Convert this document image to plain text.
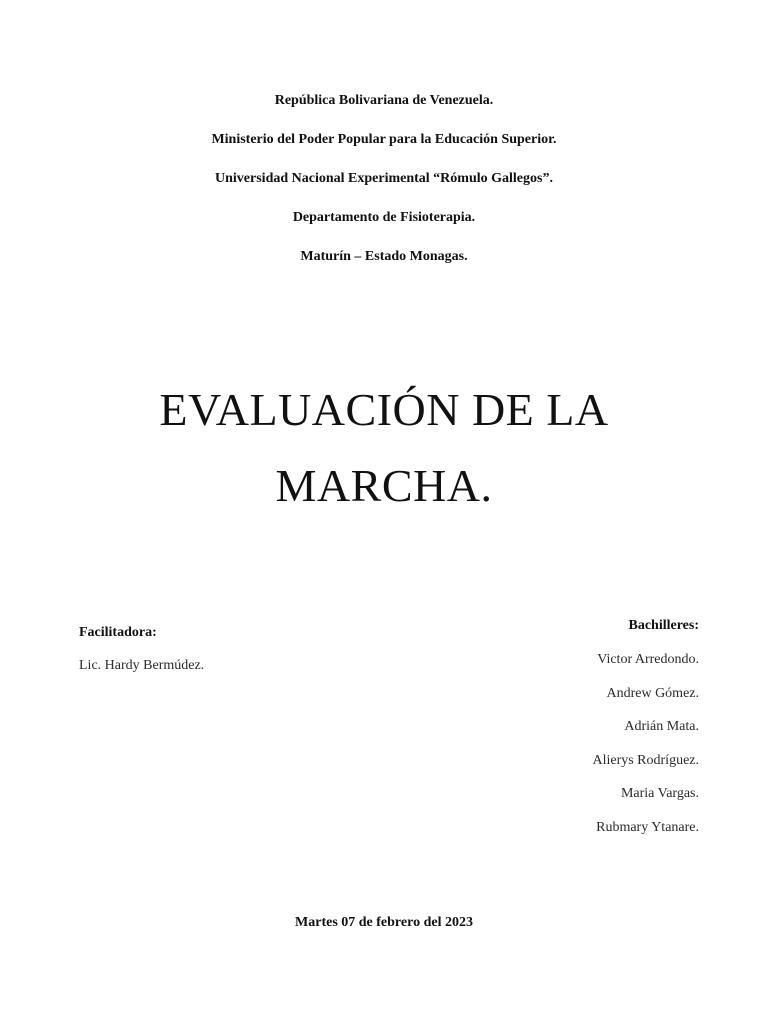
República Bolivariana de Venezuela.
Ministerio del Poder Popular para la Educación Superior.
Universidad Nacional Experimental “Rómulo Gallegos”.
Departamento de Fisioterapia.
Maturín – Estado Monagas.
EVALUACIÓN DE LA
MARCHA.
Facilitadora:
Lic. Hardy Bermúdez.
Bachilleres:
Victor Arredondo.
Andrew Gómez.
Adrián Mata.
Alierys Rodríguez.
Maria Vargas.
Rubmary Ytanare.
Martes 07 de febrero del 2023
